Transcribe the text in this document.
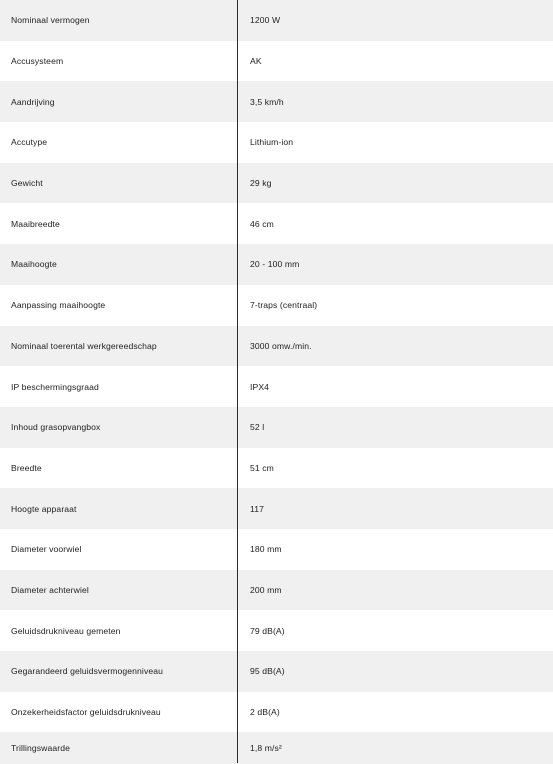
Nominaal vermogen	1200 W
Accusysteem	AK
Aandrijving	3,5 km/h
Accutype	Lithium-ion
Gewicht	29 kg
Maaibreedte	46 cm
Maaihoogte	20 - 100 mm
Aanpassing maaihoogte	7-traps (centraal)
Nominaal toerental werkgereedschap	3000 omw./min.
IP beschermingsgraad	IPX4
Inhoud grasopvangbox	52 l
Breedte	51 cm
Hoogte apparaat	117
Diameter voorwiel	180 mm
Diameter achterwiel	200 mm
Geluidsdrukniveau gemeten	79 dB(A)
Gegarandeerd geluidsvermogenniveau	95 dB(A)
Onzekerheidsfactor geluidsdrukniveau	2 dB(A)
Trillingswaarde	1,8 m/s²
